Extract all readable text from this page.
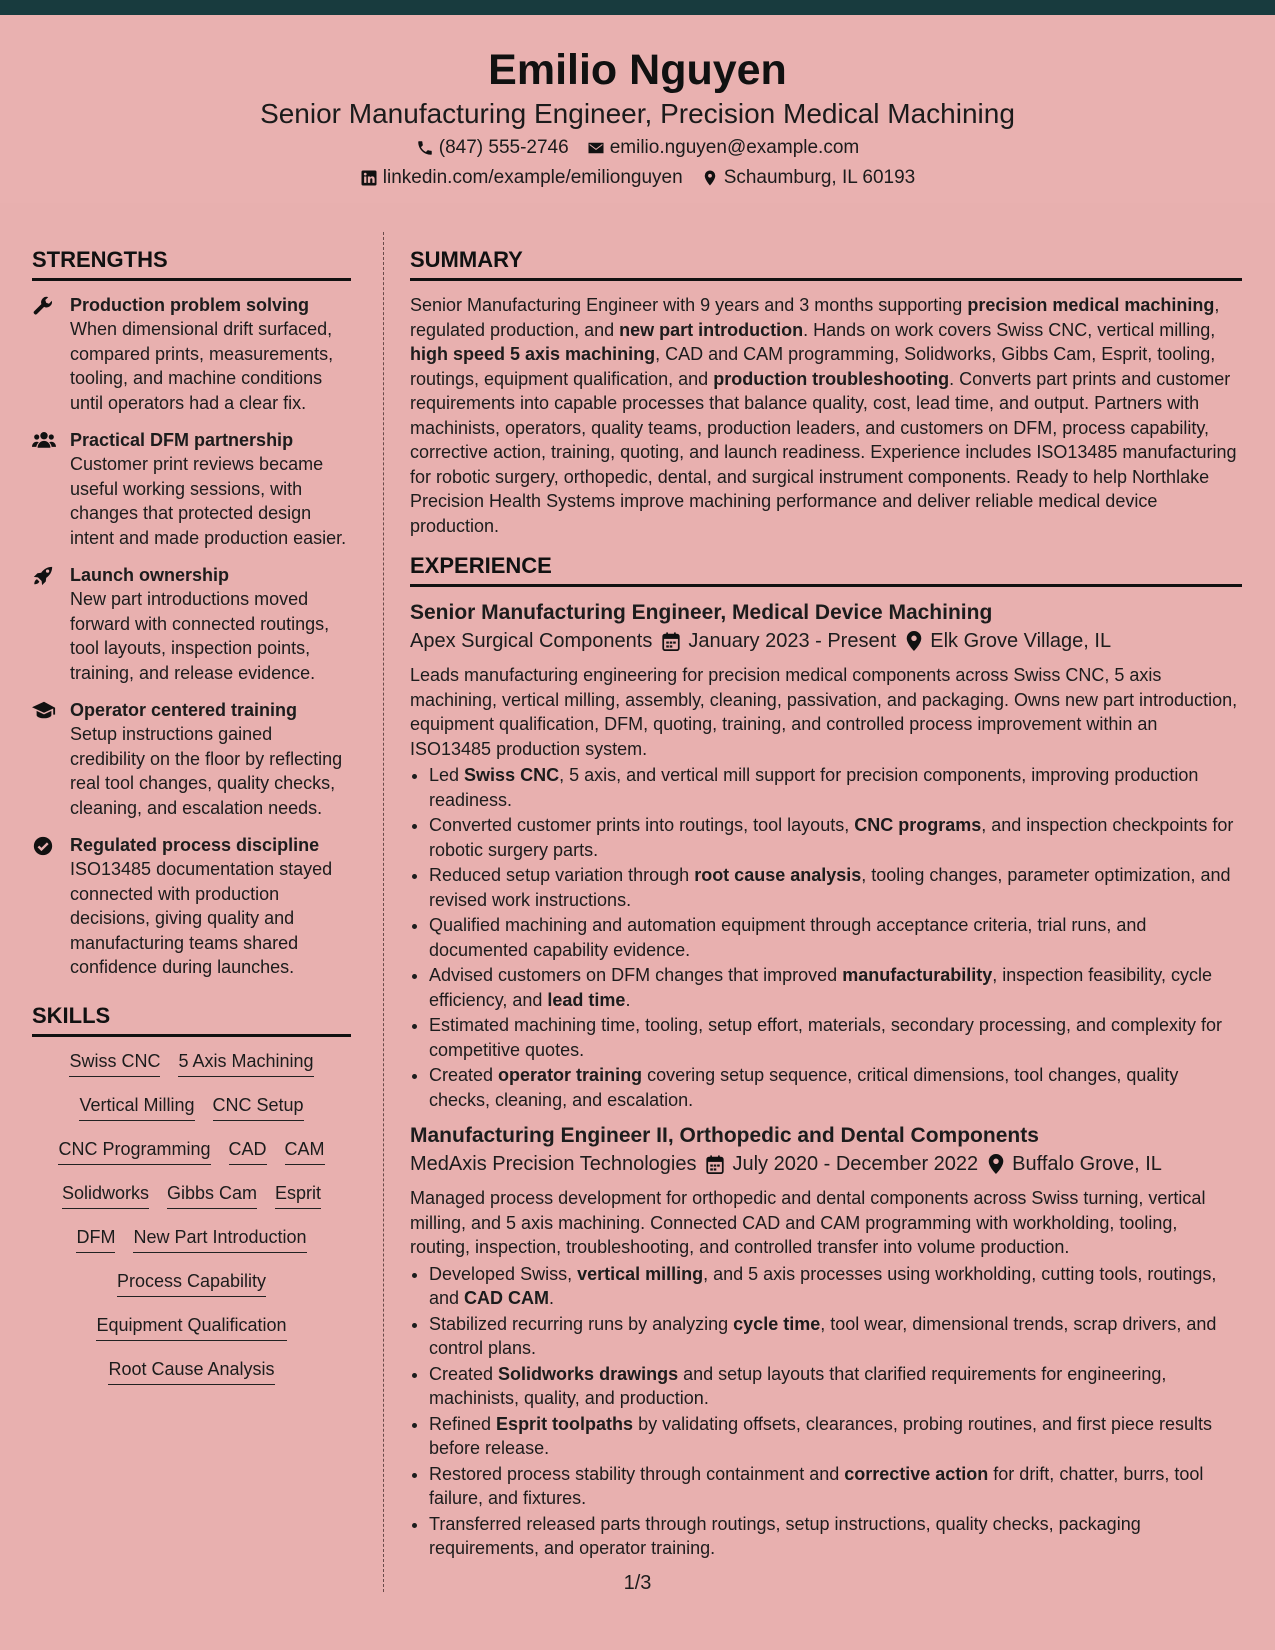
Emilio Nguyen
Senior Manufacturing Engineer, Precision Medical Machining
(847) 555-2746 emilio.nguyen@example.com
linkedin.com/example/emilionguyen Schaumburg, IL 60193
STRENGTHS
Production problem solving
When dimensional drift surfaced, compared prints, measurements, tooling, and machine conditions until operators had a clear fix.
Practical DFM partnership
Customer print reviews became useful working sessions, with changes that protected design intent and made production easier.
Launch ownership
New part introductions moved forward with connected routings, tool layouts, inspection points, training, and release evidence.
Operator centered training
Setup instructions gained credibility on the floor by reflecting real tool changes, quality checks, cleaning, and escalation needs.
Regulated process discipline
ISO13485 documentation stayed connected with production decisions, giving quality and manufacturing teams shared confidence during launches.
SKILLS
Swiss CNC 5 Axis Machining
Vertical Milling CNC Setup
CNC Programming CAD CAM
Solidworks Gibbs Cam Esprit
DFM New Part Introduction
Process Capability
Equipment Qualification
Root Cause Analysis
SUMMARY
Senior Manufacturing Engineer with 9 years and 3 months supporting precision medical machining, regulated production, and new part introduction. Hands on work covers Swiss CNC, vertical milling, high speed 5 axis machining, CAD and CAM programming, Solidworks, Gibbs Cam, Esprit, tooling, routings, equipment qualification, and production troubleshooting. Converts part prints and customer requirements into capable processes that balance quality, cost, lead time, and output. Partners with machinists, operators, quality teams, production leaders, and customers on DFM, process capability, corrective action, training, quoting, and launch readiness. Experience includes ISO13485 manufacturing for robotic surgery, orthopedic, dental, and surgical instrument components. Ready to help Northlake Precision Health Systems improve machining performance and deliver reliable medical device production.
EXPERIENCE
Senior Manufacturing Engineer, Medical Device Machining
Apex Surgical Components January 2023 - Present Elk Grove Village, IL
Leads manufacturing engineering for precision medical components across Swiss CNC, 5 axis machining, vertical milling, assembly, cleaning, passivation, and packaging. Owns new part introduction, equipment qualification, DFM, quoting, training, and controlled process improvement within an ISO13485 production system.
• Led Swiss CNC, 5 axis, and vertical mill support for precision components, improving production readiness.
• Converted customer prints into routings, tool layouts, CNC programs, and inspection checkpoints for robotic surgery parts.
• Reduced setup variation through root cause analysis, tooling changes, parameter optimization, and revised work instructions.
• Qualified machining and automation equipment through acceptance criteria, trial runs, and documented capability evidence.
• Advised customers on DFM changes that improved manufacturability, inspection feasibility, cycle efficiency, and lead time.
• Estimated machining time, tooling, setup effort, materials, secondary processing, and complexity for competitive quotes.
• Created operator training covering setup sequence, critical dimensions, tool changes, quality checks, cleaning, and escalation.
Manufacturing Engineer II, Orthopedic and Dental Components
MedAxis Precision Technologies July 2020 - December 2022 Buffalo Grove, IL
Managed process development for orthopedic and dental components across Swiss turning, vertical milling, and 5 axis machining. Connected CAD and CAM programming with workholding, tooling, routing, inspection, troubleshooting, and controlled transfer into volume production.
• Developed Swiss, vertical milling, and 5 axis processes using workholding, cutting tools, routings, and CAD CAM.
• Stabilized recurring runs by analyzing cycle time, tool wear, dimensional trends, scrap drivers, and control plans.
• Created Solidworks drawings and setup layouts that clarified requirements for engineering, machinists, quality, and production.
• Refined Esprit toolpaths by validating offsets, clearances, probing routines, and first piece results before release.
• Restored process stability through containment and corrective action for drift, chatter, burrs, tool failure, and fixtures.
• Transferred released parts through routings, setup instructions, quality checks, packaging requirements, and operator training.
1/3
